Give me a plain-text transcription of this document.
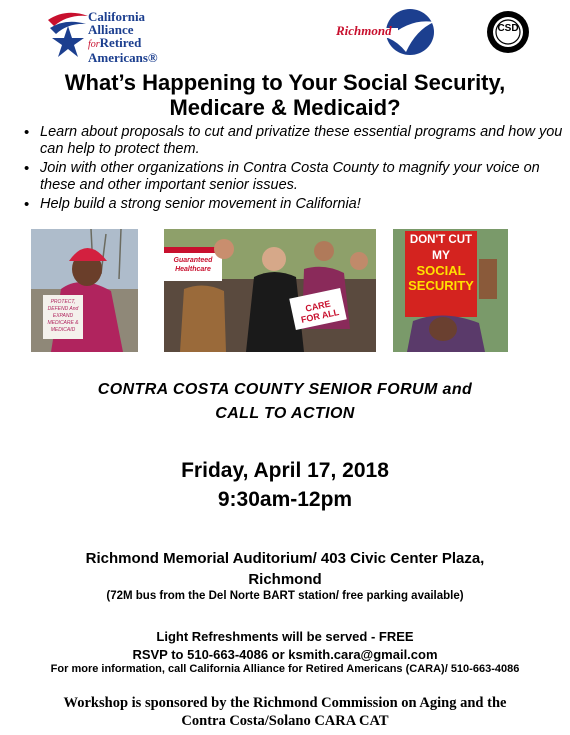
California
Alliance
forRetired
Americans®
Richmond	CSD
What’s Happening to Your Social Security,
Medicare & Medicaid?
• Learn about proposals to cut and privatize these essential programs and how you can help to protect them.
• Join with other organizations in Contra Costa County to magnify your voice on these and other important senior issues.
• Help build a strong senior movement in California!
PROTECT, DEFEND And EXPAND MEDICARE & MEDICAID
Guaranteed Healthcare
CARE FOR ALL
DON'T CUT
MY
SOCIAL
SECURITY
CONTRA COSTA COUNTY SENIOR FORUM and
CALL TO ACTION
Friday, April 17, 2018
9:30am-12pm
Richmond Memorial Auditorium/ 403 Civic Center Plaza,
Richmond
(72M bus from the Del Norte BART station/ free parking available)
Light Refreshments will be served - FREE
RSVP to 510-663-4086 or ksmith.cara@gmail.com
For more information, call California Alliance for Retired Americans (CARA)/ 510-663-4086
Workshop is sponsored by the Richmond Commission on Aging and the
Contra Costa/Solano CARA CAT
